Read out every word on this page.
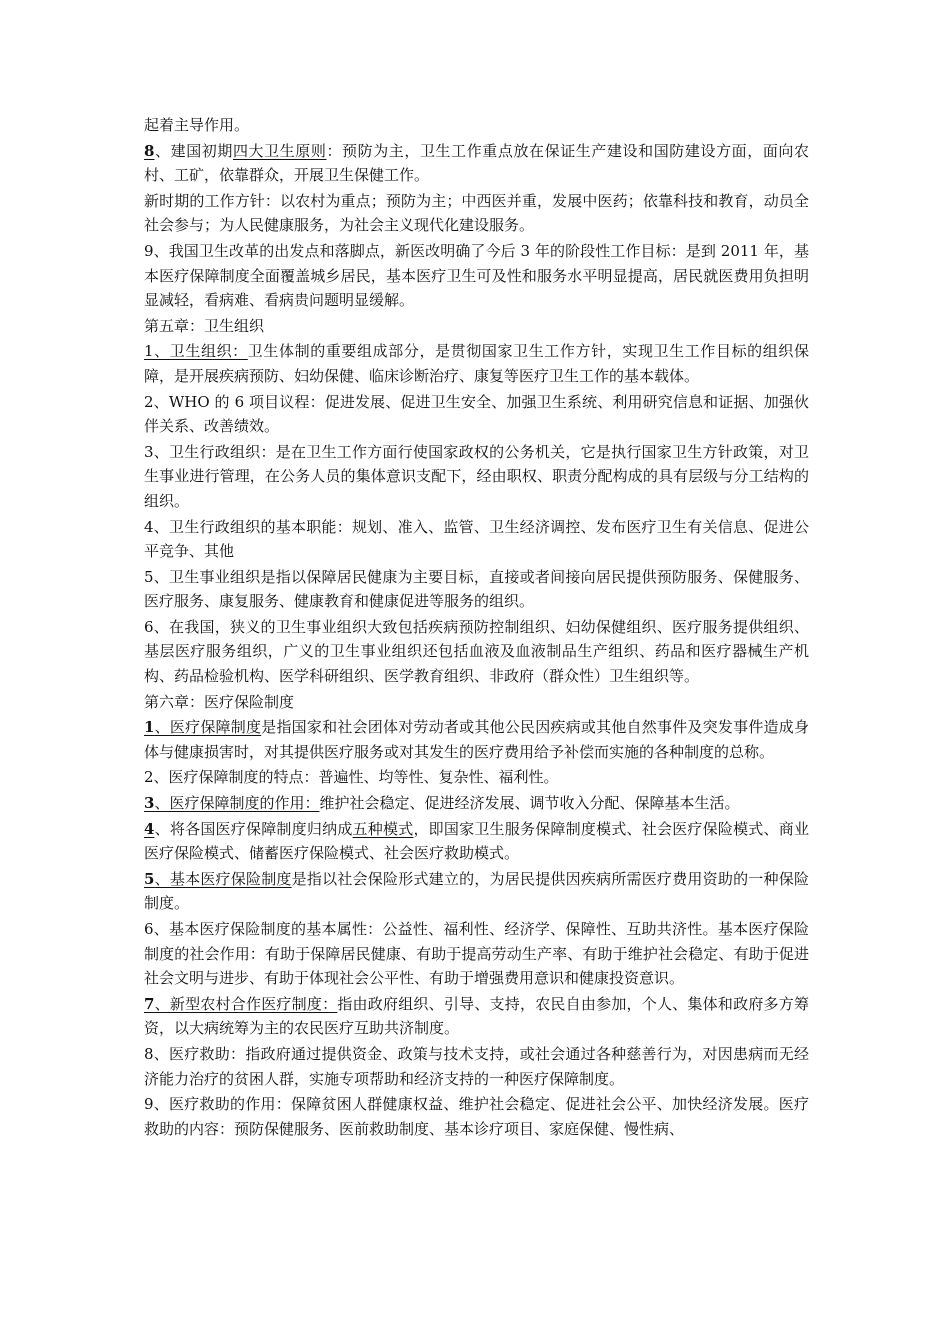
起着主导作用。

8、建国初期四大卫生原则：预防为主，卫生工作重点放在保证生产建设和国防建设方面，面向农村、工矿，依靠群众，开展卫生保健工作。

新时期的工作方针：以农村为重点；预防为主；中西医并重，发展中医药；依靠科技和教育，动员全社会参与；为人民健康服务，为社会主义现代化建设服务。

9、我国卫生改革的出发点和落脚点，新医改明确了今后 3 年的阶段性工作目标：是到 2011 年，基本医疗保障制度全面覆盖城乡居民，基本医疗卫生可及性和服务水平明显提高，居民就医费用负担明显减轻，看病难、看病贵问题明显缓解。

第五章：卫生组织

1、卫生组织：卫生体制的重要组成部分，是贯彻国家卫生工作方针，实现卫生工作目标的组织保障，是开展疾病预防、妇幼保健、临床诊断治疗、康复等医疗卫生工作的基本载体。

2、WHO 的 6 项目议程：促进发展、促进卫生安全、加强卫生系统、利用研究信息和证据、加强伙伴关系、改善绩效。

3、卫生行政组织：是在卫生工作方面行使国家政权的公务机关，它是执行国家卫生方针政策，对卫生事业进行管理，在公务人员的集体意识支配下，经由职权、职责分配构成的具有层级与分工结构的组织。

4、卫生行政组织的基本职能：规划、准入、监管、卫生经济调控、发布医疗卫生有关信息、促进公平竞争、其他

5、卫生事业组织是指以保障居民健康为主要目标，直接或者间接向居民提供预防服务、保健服务、医疗服务、康复服务、健康教育和健康促进等服务的组织。

6、在我国，狭义的卫生事业组织大致包括疾病预防控制组织、妇幼保健组织、医疗服务提供组织、基层医疗服务组织，广义的卫生事业组织还包括血液及血液制品生产组织、药品和医疗器械生产机构、药品检验机构、医学科研组织、医学教育组织、非政府（群众性）卫生组织等。

第六章：医疗保险制度

1、医疗保障制度是指国家和社会团体对劳动者或其他公民因疾病或其他自然事件及突发事件造成身体与健康损害时，对其提供医疗服务或对其发生的医疗费用给予补偿而实施的各种制度的总称。

2、医疗保障制度的特点：普遍性、均等性、复杂性、福利性。

3、医疗保障制度的作用：维护社会稳定、促进经济发展、调节收入分配、保障基本生活。

4、将各国医疗保障制度归纳成五种模式，即国家卫生服务保障制度模式、社会医疗保险模式、商业医疗保险模式、储蓄医疗保险模式、社会医疗救助模式。

5、基本医疗保险制度是指以社会保险形式建立的，为居民提供因疾病所需医疗费用资助的一种保险制度。

6、基本医疗保险制度的基本属性：公益性、福利性、经济学、保障性、互助共济性。基本医疗保险制度的社会作用：有助于保障居民健康、有助于提高劳动生产率、有助于维护社会稳定、有助于促进社会文明与进步、有助于体现社会公平性、有助于增强费用意识和健康投资意识。

7、新型农村合作医疗制度：指由政府组织、引导、支持，农民自由参加，个人、集体和政府多方筹资，以大病统筹为主的农民医疗互助共济制度。

8、医疗救助：指政府通过提供资金、政策与技术支持，或社会通过各种慈善行为，对因患病而无经济能力治疗的贫困人群，实施专项帮助和经济支持的一种医疗保障制度。

9、医疗救助的作用：保障贫困人群健康权益、维护社会稳定、促进社会公平、加快经济发展。医疗救助的内容：预防保健服务、医前救助制度、基本诊疗项目、家庭保健、慢性病、
